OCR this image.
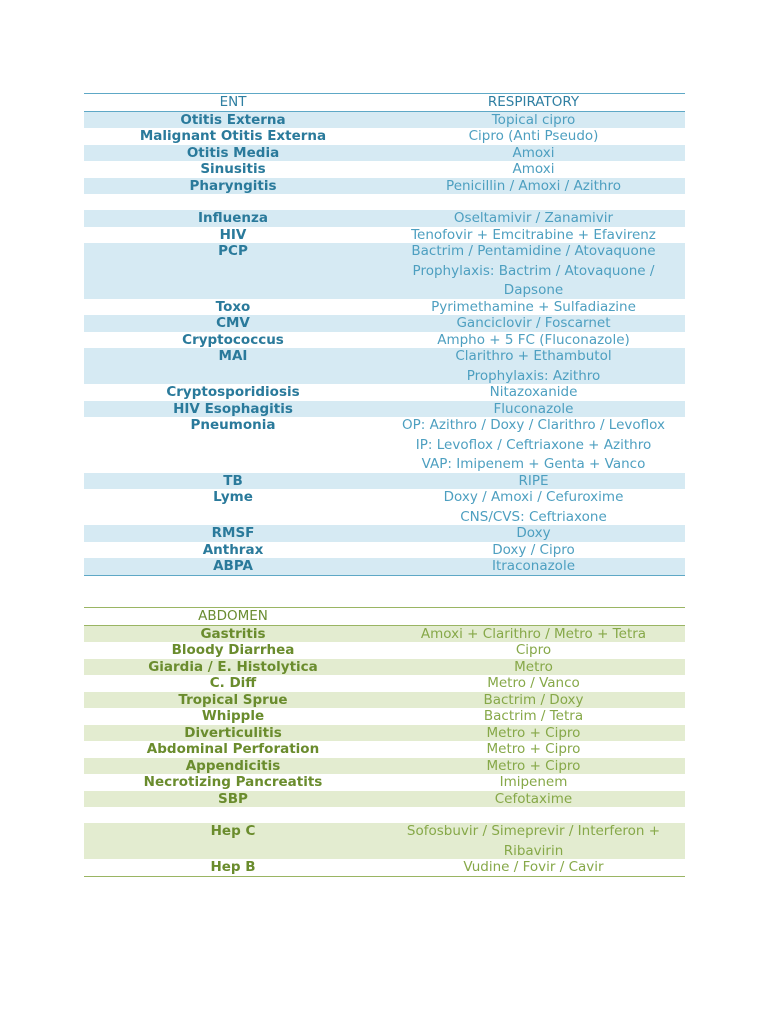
ENT	RESPIRATORY
Otitis Externa	Topical cipro

Malignant Otitis Externa	Cipro (Anti Pseudo)

Otitis Media	Amoxi

Sinusitis	Amoxi

Pharyngitis	Penicillin / Amoxi / Azithro

Influenza	Oseltamivir / Zanamivir

HIV	Tenofovir + Emcitrabine + Efavirenz

PCP	Bactrim / Pentamidine / Atovaquone
Prophylaxis: Bactrim / Atovaquone /
Dapsone

Toxo	Pyrimethamine + Sulfadiazine

CMV	Ganciclovir / Foscarnet

Cryptococcus	Ampho + 5 FC (Fluconazole)

MAI	Clarithro + Ethambutol
Prophylaxis: Azithro

Cryptosporidiosis	Nitazoxanide

HIV Esophagitis	Fluconazole

Pneumonia	OP: Azithro / Doxy / Clarithro / Levoflox
IP: Levoflox / Ceftriaxone + Azithro
VAP: Imipenem + Genta + Vanco

TB	RIPE

Lyme	Doxy / Amoxi / Cefuroxime
CNS/CVS: Ceftriaxone

RMSF	Doxy

Anthrax	Doxy / Cipro

ABPA	Itraconazole
ABDOMEN	
Gastritis	Amoxi + Clarithro / Metro + Tetra

Bloody Diarrhea	Cipro

Giardia / E. Histolytica	Metro

C. Diff	Metro / Vanco

Tropical Sprue	Bactrim / Doxy

Whipple	Bactrim / Tetra

Diverticulitis	Metro + Cipro

Abdominal Perforation	Metro + Cipro

Appendicitis	Metro + Cipro

Necrotizing Pancreatits	Imipenem

SBP	Cefotaxime

Hep C	Sofosbuvir / Simeprevir / Interferon +
Ribavirin

Hep B	Vudine / Fovir / Cavir
